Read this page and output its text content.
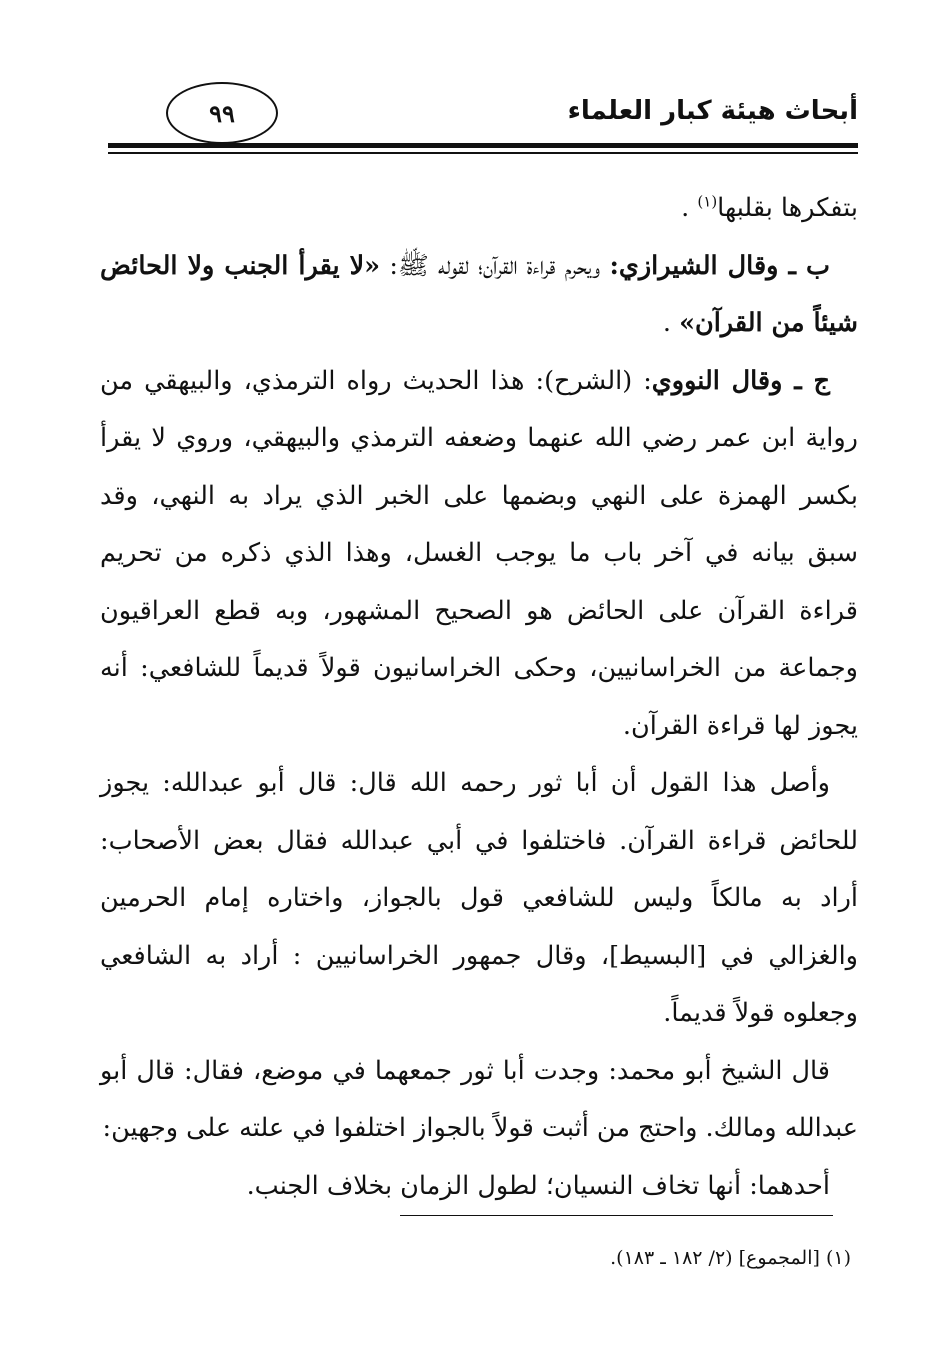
أبحاث هيئة كبار العلماء
٩٩

بتفكرها بقلبها$^{(١)}$ .

ب ـ وقال الشيرازي: ويحرم قراءة القرآن؛ لقوله ﷺ: «لا يقرأ الجنب ولا الحائض شيئاً من القرآن» .

ج ـ وقال النووي: (الشرح): هذا الحديث رواه الترمذي، والبيهقي من رواية ابن عمر رضي الله عنهما وضعفه الترمذي والبيهقي، وروي لا يقرأ بكسر الهمزة على النهي وبضمها على الخبر الذي يراد به النهي، وقد سبق بيانه في آخر باب ما يوجب الغسل، وهذا الذي ذكره من تحريم قراءة القرآن على الحائض هو الصحيح المشهور، وبه قطع العراقيون وجماعة من الخراسانيين، وحكى الخراسانيون قولاً قديماً للشافعي: أنه يجوز لها قراءة القرآن.

وأصل هذا القول أن أبا ثور رحمه الله قال: قال أبو عبدالله: يجوز للحائض قراءة القرآن. فاختلفوا في أبي عبدالله فقال بعض الأصحاب: أراد به مالكاً وليس للشافعي قول بالجواز، واختاره إمام الحرمين والغزالي في [البسيط]، وقال جمهور الخراسانيين : أراد به الشافعي وجعلوه قولاً قديماً.

قال الشيخ أبو محمد: وجدت أبا ثور جمعهما في موضع، فقال: قال أبو عبدالله ومالك. واحتج من أثبت قولاً بالجواز اختلفوا في علته على وجهين:

أحدهما: أنها تخاف النسيان؛ لطول الزمان بخلاف الجنب.

(١) [المجموع] (٢/ ١٨٢ ـ ١٨٣).
